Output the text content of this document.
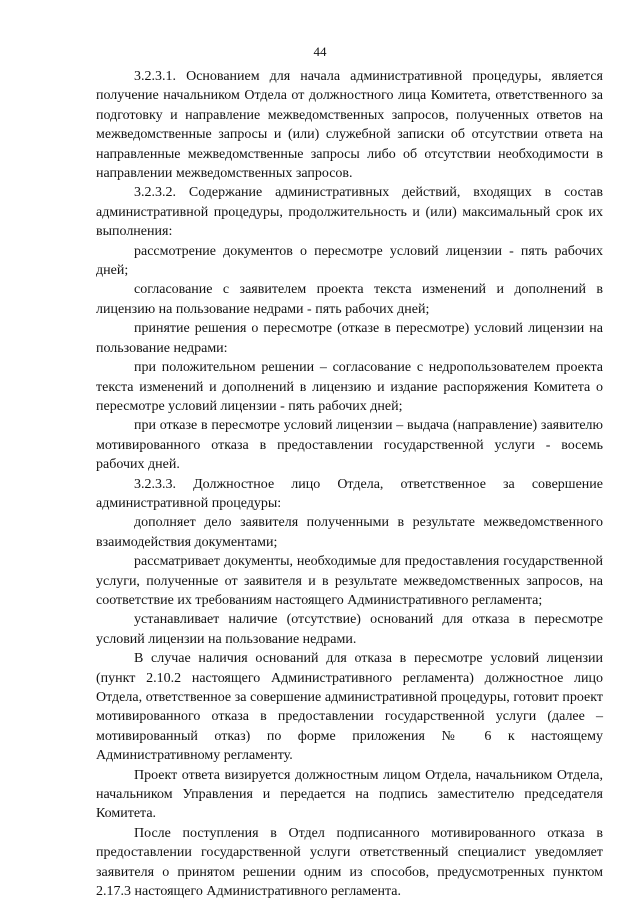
44

3.2.3.1. Основанием для начала административной процедуры, является получение начальником Отдела от должностного лица Комитета, ответственного за подготовку и направление межведомственных запросов, полученных ответов на межведомственные запросы и (или) служебной записки об отсутствии ответа на направленные межведомственные запросы либо об отсутствии необходимости в направлении межведомственных запросов.

3.2.3.2. Содержание административных действий, входящих в состав административной процедуры, продолжительность и (или) максимальный срок их выполнения:

рассмотрение документов о пересмотре условий лицензии - пять рабочих дней;

согласование с заявителем проекта текста изменений и дополнений в лицензию на пользование недрами - пять рабочих дней;

принятие решения о пересмотре (отказе в пересмотре) условий лицензии на пользование недрами:

при положительном решении – согласование с недропользователем проекта текста изменений и дополнений в лицензию и издание распоряжения Комитета о пересмотре условий лицензии - пять рабочих дней;

при отказе в пересмотре условий лицензии – выдача (направление) заявителю мотивированного отказа в предоставлении государственной услуги - восемь рабочих дней.

3.2.3.3. Должностное лицо Отдела, ответственное за совершение административной процедуры:

дополняет дело заявителя полученными в результате межведомственного взаимодействия документами;

рассматривает документы, необходимые для предоставления государственной услуги, полученные от заявителя и в результате межведомственных запросов, на соответствие их требованиям настоящего Административного регламента;

устанавливает наличие (отсутствие) оснований для отказа в пересмотре условий лицензии на пользование недрами.

В случае наличия оснований для отказа в пересмотре условий лицензии (пункт 2.10.2 настоящего Административного регламента) должностное лицо Отдела, ответственное за совершение административной процедуры, готовит проект мотивированного отказа в предоставлении государственной услуги (далее – мотивированный отказ) по форме приложения № 6 к настоящему Административному регламенту.

Проект ответа визируется должностным лицом Отдела, начальником Отдела, начальником Управления и передается на подпись заместителю председателя Комитета.

После поступления в Отдел подписанного мотивированного отказа в предоставлении государственной услуги ответственный специалист уведомляет заявителя о принятом решении одним из способов, предусмотренных пунктом 2.17.3 настоящего Административного регламента.
